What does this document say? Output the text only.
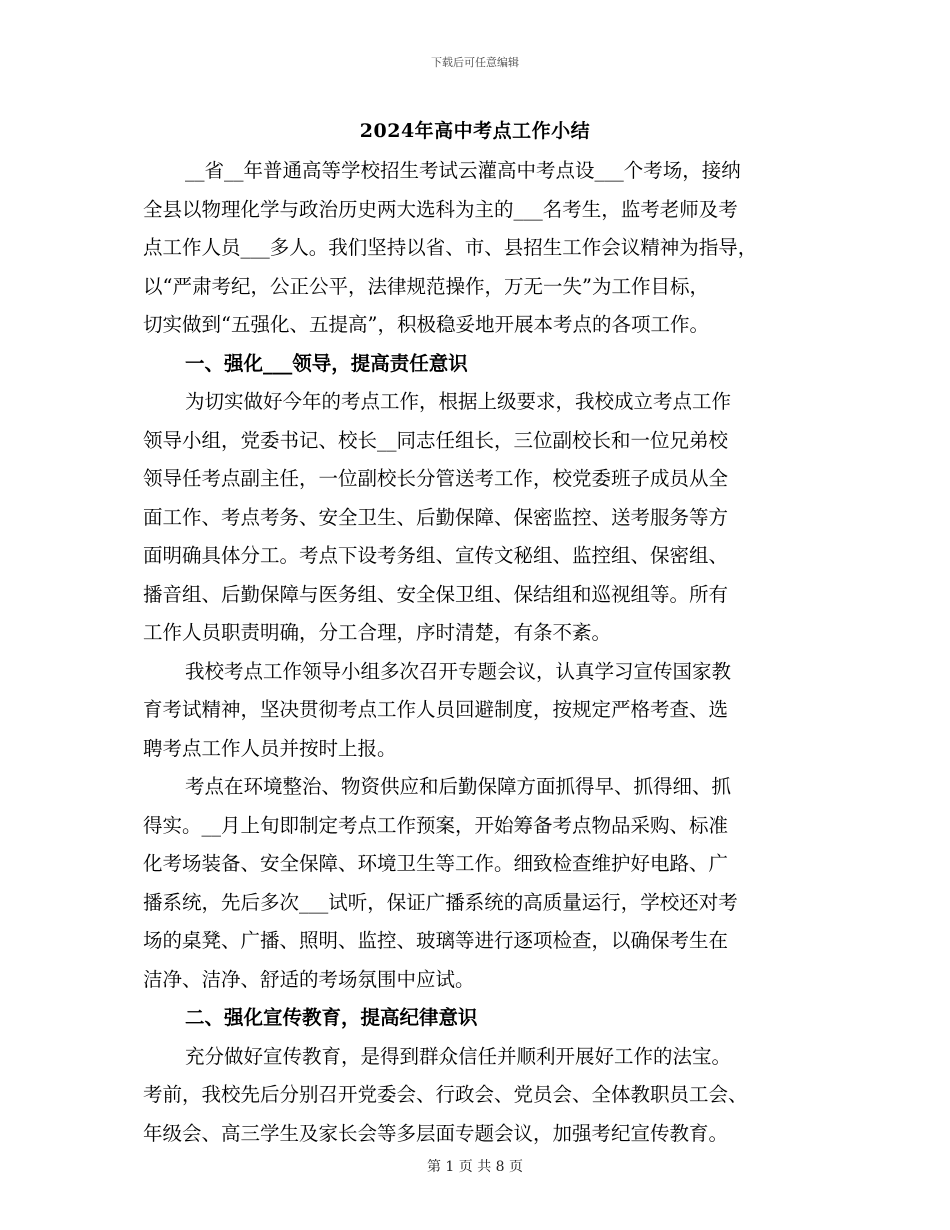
下载后可任意编辑
2024年高中考点工作小结
__省__年普通高等学校招生考试云灌高中考点设___个考场，接纳
全县以物理化学与政治历史两大选科为主的___名考生，监考老师及考
点工作人员___多人。我们坚持以省、市、县招生工作会议精神为指导，
以“严肃考纪，公正公平，法律规范操作，万无一失”为工作目标，
切实做到“五强化、五提高”，积极稳妥地开展本考点的各项工作。
一、强化___领导，提高责任意识
为切实做好今年的考点工作，根据上级要求，我校成立考点工作
领导小组，党委书记、校长__同志任组长，三位副校长和一位兄弟校
领导任考点副主任，一位副校长分管送考工作，校党委班子成员从全
面工作、考点考务、安全卫生、后勤保障、保密监控、送考服务等方
面明确具体分工。考点下设考务组、宣传文秘组、监控组、保密组、
播音组、后勤保障与医务组、安全保卫组、保结组和巡视组等。所有
工作人员职责明确，分工合理，序时清楚，有条不紊。
我校考点工作领导小组多次召开专题会议，认真学习宣传国家教
育考试精神，坚决贯彻考点工作人员回避制度，按规定严格考查、选
聘考点工作人员并按时上报。
考点在环境整治、物资供应和后勤保障方面抓得早、抓得细、抓
得实。__月上旬即制定考点工作预案，开始筹备考点物品采购、标准
化考场装备、安全保障、环境卫生等工作。细致检查维护好电路、广
播系统，先后多次___试听，保证广播系统的高质量运行，学校还对考
场的桌凳、广播、照明、监控、玻璃等进行逐项检查，以确保考生在
洁净、洁净、舒适的考场氛围中应试。
二、强化宣传教育，提高纪律意识
充分做好宣传教育，是得到群众信任并顺利开展好工作的法宝。
考前，我校先后分别召开党委会、行政会、党员会、全体教职员工会、
年级会、高三学生及家长会等多层面专题会议，加强考纪宣传教育。
第 1 页 共 8 页
